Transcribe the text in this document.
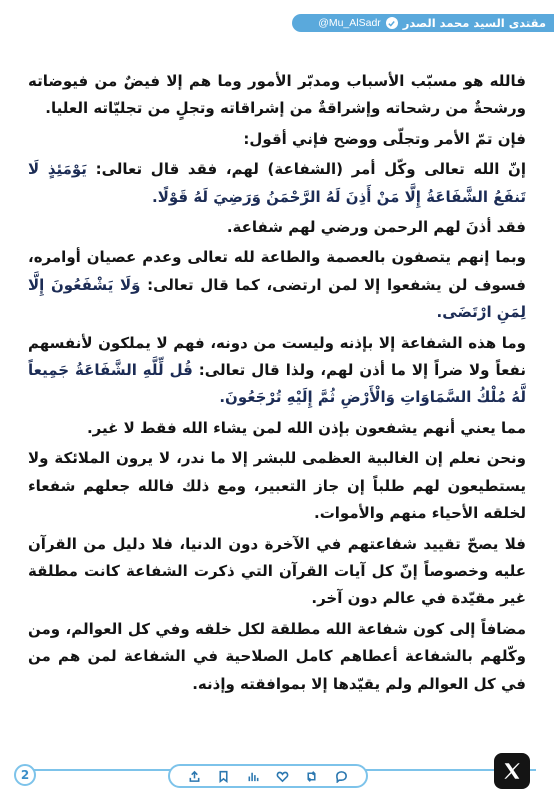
@Mu_AlSadr مقتدى السيد محمد الصدر

فالله هو مسبّب الأسباب ومدبّر الأمور وما هم إلا فيضٌ من فيوضاته ورشحةٌ من رشحاته وإشراقةٌ من إشراقاته وتجلٍ من تجليّاته العليا.

فإن تمّ الأمر وتجلّى ووضح فإني أقول:

إنّ الله تعالى وكّل أمر (الشفاعة) لهم، فقد قال تعالى: يَوْمَئِذٍ لَا تَنفَعُ الشَّفَاعَةُ إِلَّا مَنْ أَذِنَ لَهُ الرَّحْمَنُ وَرَضِيَ لَهُ قَوْلًا.

فقد أذنَ لهم الرحمن ورضي لهم شفاعة.

وبما إنهم يتصفون بالعصمة والطاعة لله تعالى وعدم عصيان أوامره، فسوف لن يشفعوا إلا لمن ارتضى، كما قال تعالى: وَلَا يَشْفَعُونَ إِلَّا لِمَنِ ارْتَضَى.

وما هذه الشفاعة إلا بإذنه وليست من دونه، فهم لا يملكون لأنفسهم نفعاً ولا ضراً إلا ما أذن لهم، ولذا قال تعالى: قُل لِّلَّهِ الشَّفَاعَةُ جَمِيعاً لَّهُ مُلْكُ السَّمَاوَاتِ وَالْأَرْضِ ثُمَّ إِلَيْهِ تُرْجَعُونَ.

مما يعني أنهم يشفعون بإذن الله لمن يشاء الله فقط لا غير.

ونحن نعلم إن الغالبية العظمى للبشر إلا ما ندر، لا يرون الملائكة ولا يستطيعون لهم طلباً إن جاز التعبير، ومع ذلك فالله جعلهم شفعاء لخلقه الأحياء منهم والأموات.

فلا يصحّ تقييد شفاعتهم في الآخرة دون الدنيا، فلا دليل من القرآن عليه وخصوصاً إنّ كل آيات القرآن التي ذكرت الشفاعة كانت مطلقة غير مقيّدة في عالم دون آخر.

مضافاً إلى كون شفاعة الله مطلقة لكل خلقه وفي كل العوالم، ومن وكّلهم بالشفاعة أعطاهم كامل الصلاحية في الشفاعة لمن هم من في كل العوالم ولم يقيّدها إلا بموافقته وإذنه.

2
